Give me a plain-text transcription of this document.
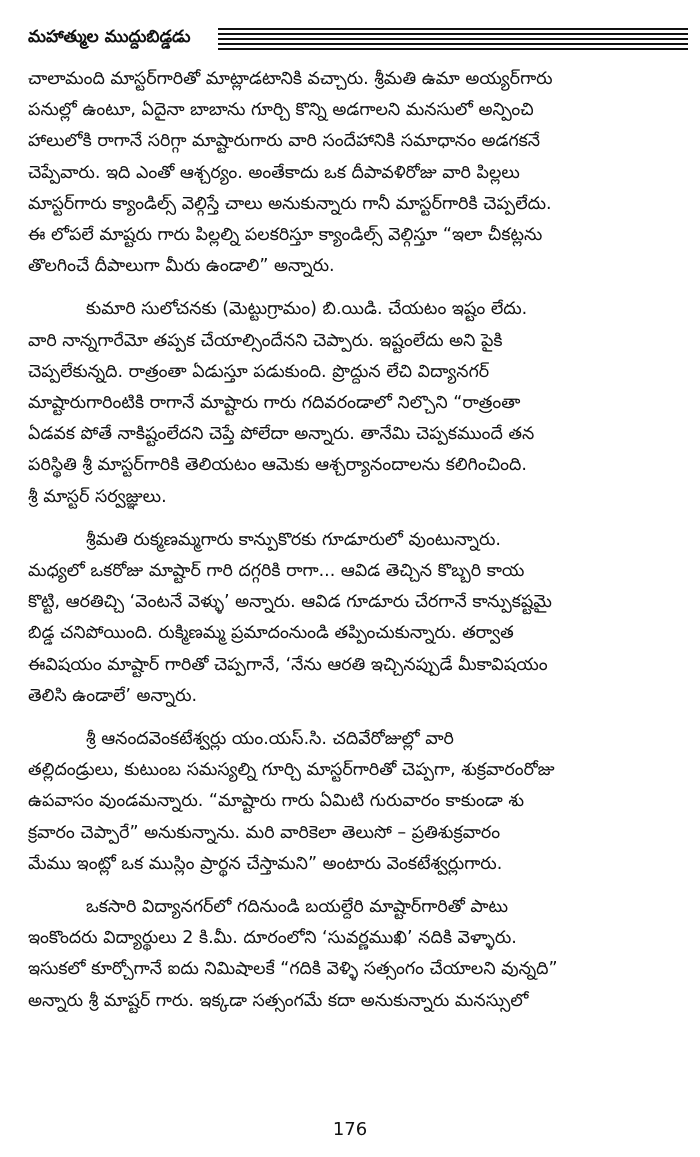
మహాత్ముల ముద్దుబిడ్డడు

చాలామంది మాస్టర్‌గారితో మాట్లాడటానికి వచ్చారు. శ్రీమతి ఉమా అయ్యర్‌గారు
పనుల్లో ఉంటూ, ఏదైనా బాబాను గూర్చి కొన్ని అడగాలని మనసులో అన్పించి
హాలులోకి రాగానే సరిగ్గా మాష్టారుగారు వారి సందేహానికి సమాధానం అడగకనే
చెప్పేవారు. ఇది ఎంతో ఆశ్చర్యం. అంతేకాదు ఒక దీపావళిరోజు వారి పిల్లలు
మాస్టర్‌గారు క్యాండిల్స్ వెల్గిస్తే చాలు అనుకున్నారు గానీ మాస్టర్‌గారికి చెప్పలేదు.
ఈ లోపలే మాష్టరు గారు పిల్లల్ని పలకరిస్తూ క్యాండిల్స్ వెల్గిస్తూ “ఇలా చీకట్లను
తొలగించే దీపాలుగా మీరు ఉండాలి” అన్నారు.

కుమారి సులోచనకు (మెట్టుగ్రామం) బి.యిడి. చేయటం ఇష్టం లేదు.
వారి నాన్నగారేమో తప్పక చేయాల్సిందేనని చెప్పారు. ఇష్టంలేదు అని పైకి
చెప్పలేకున్నది. రాత్రంతా ఏడుస్తూ పడుకుంది. ప్రొద్దున లేచి విద్యానగర్
మాష్టారుగారింటికి రాగానే మాష్టారు గారు గదివరండాలో నిల్చొని “రాత్రంతా
ఏడవక పోతే నాకిష్టంలేదని చెప్తే పోలేదా అన్నారు. తానేమి చెప్పకముందే తన
పరిస్థితి శ్రీ మాస్టర్‌గారికి తెలియటం ఆమెకు ఆశ్చర్యానందాలను కలిగించింది.
శ్రీ మాస్టర్ సర్వజ్ఞులు.

శ్రీమతి రుక్మణమ్మగారు కాన్పుకొరకు గూడూరులో వుంటున్నారు.
మధ్యలో ఒకరోజు మాష్టార్ గారి దగ్గరికి రాగా... ఆవిడ తెచ్చిన కొబ్బరి కాయ
కొట్టి, ఆరతిచ్చి ‘వెంటనే వెళ్ళు’ అన్నారు. ఆవిడ గూడూరు చేరగానే కాన్పుకష్టమై
బిడ్డ చనిపోయింది. రుక్మిణమ్మ ప్రమాదంనుండి తప్పించుకున్నారు. తర్వాత
ఈవిషయం మాష్టార్ గారితో చెప్పగానే, ‘నేను ఆరతి ఇచ్చినప్పుడే మీకావిషయం
తెలిసి ఉండాలే’ అన్నారు.

శ్రీ ఆనందవెంకటేశ్వర్లు యం.యస్.సి. చదివేరోజుల్లో వారి
తల్లిదండ్రులు, కుటుంబ సమస్యల్ని గూర్చి మాస్టర్‌గారితో చెప్పగా, శుక్రవారంరోజు
ఉపవాసం వుండమన్నారు. “మాష్టారు గారు ఏమిటి గురువారం కాకుండా శు
క్రవారం చెప్పారే” అనుకున్నాను. మరి వారికెలా తెలుసో – ప్రతిశుక్రవారం
మేము ఇంట్లో ఒక ముస్లిం ప్రార్థన చేస్తామని” అంటారు వెంకటేశ్వర్లుగారు.

ఒకసారి విద్యానగర్‌లో గదినుండి బయల్దేరి మాష్టార్‌గారితో పాటు
ఇంకొందరు విద్యార్థులు 2 కి.మీ. దూరంలోని ‘సువర్ణముఖి’ నదికి వెళ్ళారు.
ఇసుకలో కూర్చోగానే ఐదు నిమిషాలకే “గదికి వెళ్ళి సత్సంగం చేయాలని వున్నది”
అన్నారు శ్రీ మాష్టర్ గారు. ఇక్కడా సత్సంగమే కదా అనుకున్నారు మనస్సులో

176
